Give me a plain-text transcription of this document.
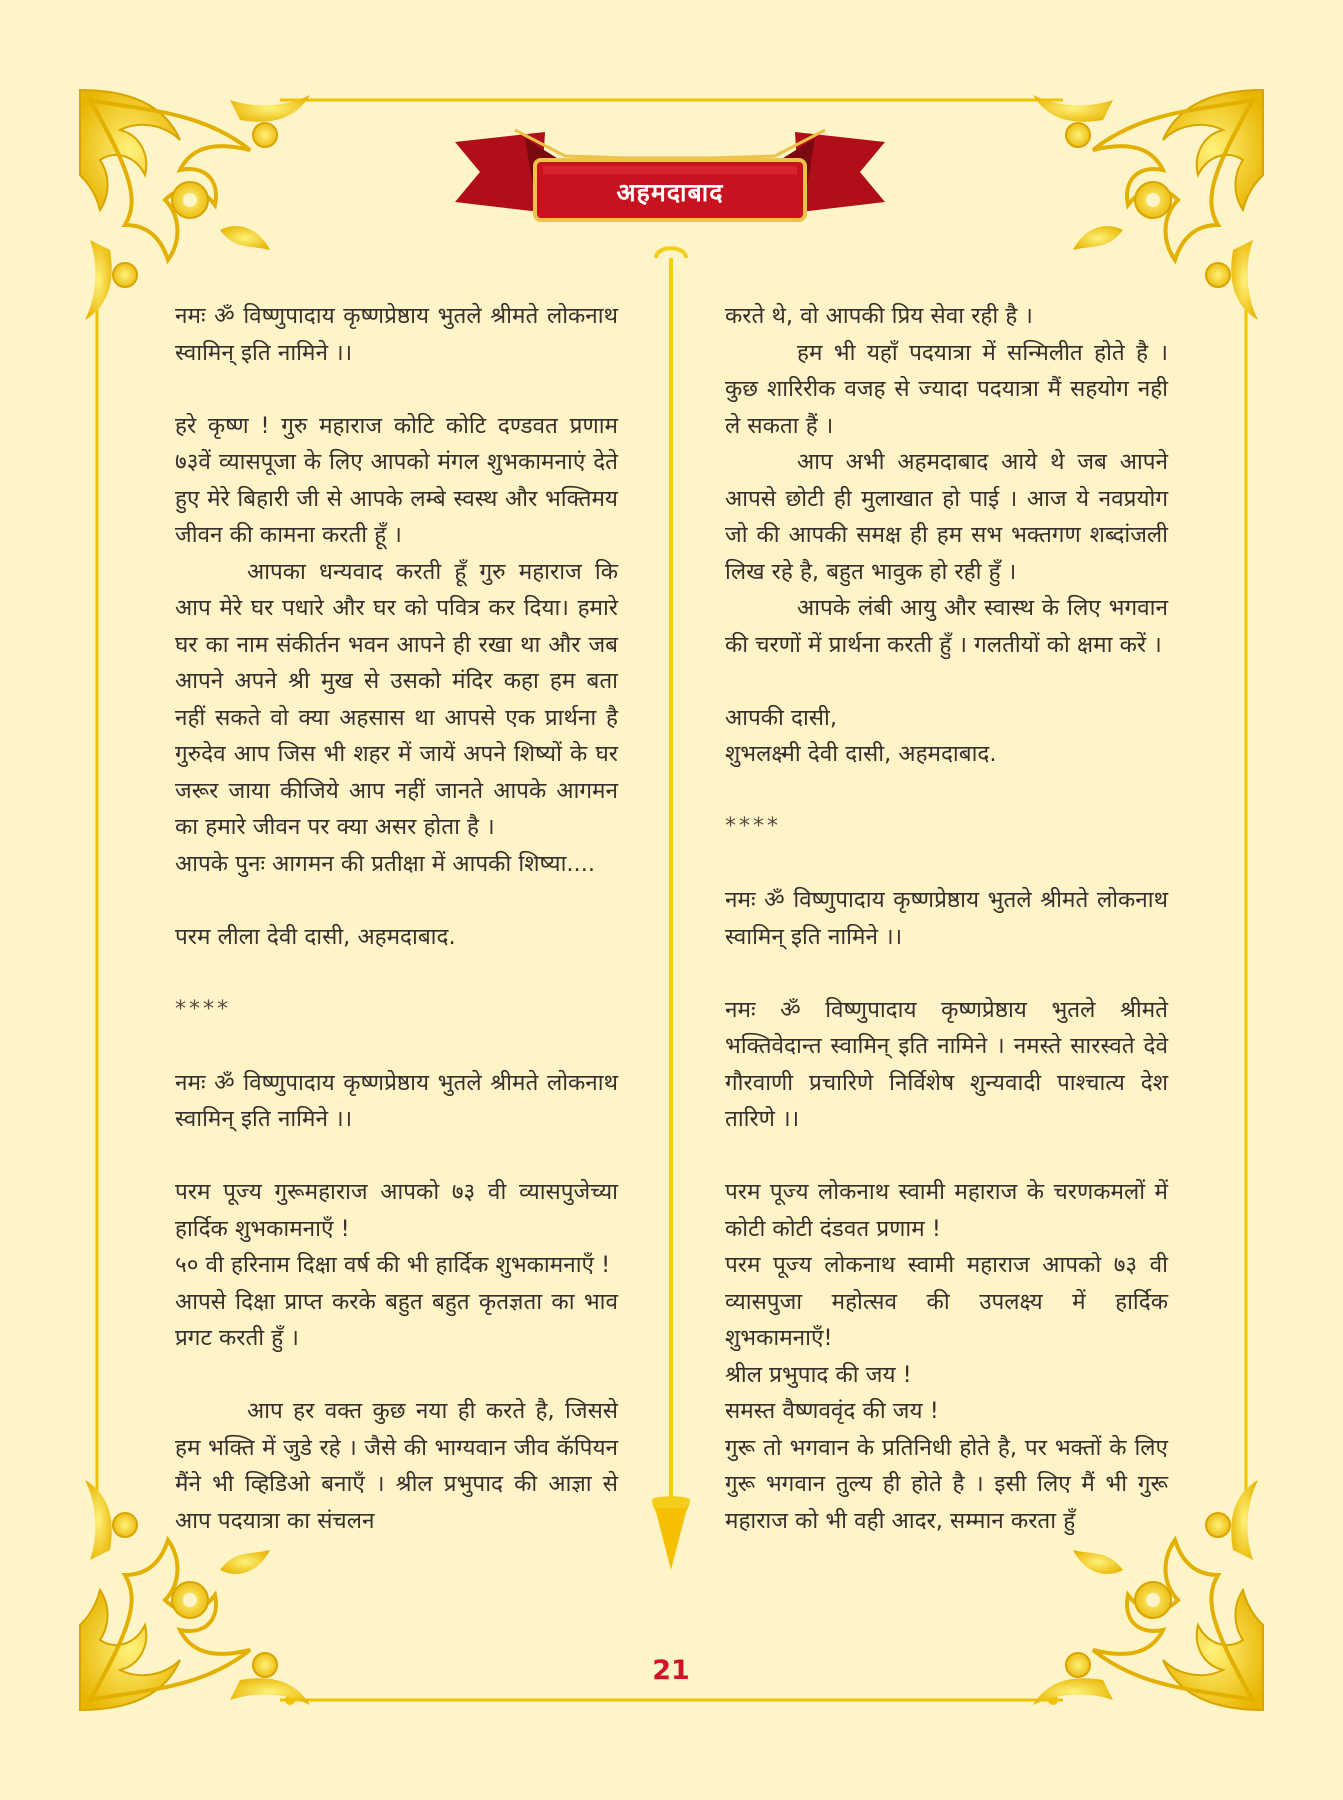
अहमदाबाद

नमः ॐ विष्णुपादाय कृष्णप्रेष्ठाय भुतले श्रीमते लोकनाथ स्वामिन् इति नामिने ।।

हरे कृष्ण ! गुरु महाराज कोटि कोटि दण्डवत प्रणाम ७३वें व्यासपूजा के लिए आपको मंगल शुभकामनाएं देते हुए मेरे बिहारी जी से आपके लम्बे स्वस्थ और भक्तिमय जीवन की कामना करती हूँ ।

आपका धन्यवाद करती हूँ गुरु महाराज कि आप मेरे घर पधारे और घर को पवित्र कर दिया। हमारे घर का नाम संकीर्तन भवन आपने ही रखा था और जब आपने अपने श्री मुख से उसको मंदिर कहा हम बता नहीं सकते वो क्या अहसास था आपसे एक प्रार्थना है गुरुदेव आप जिस भी शहर में जायें अपने शिष्यों के घर जरूर जाया कीजिये आप नहीं जानते आपके आगमन का हमारे जीवन पर क्या असर होता है ।

आपके पुनः आगमन की प्रतीक्षा में आपकी शिष्या....

परम लीला देवी दासी, अहमदाबाद.

****

नमः ॐ विष्णुपादाय कृष्णप्रेष्ठाय भुतले श्रीमते लोकनाथ स्वामिन् इति नामिने ।।

परम पूज्य गुरूमहाराज आपको ७३ वी व्यासपुजेच्या हार्दिक शुभकामनाएँ !

५० वी हरिनाम दिक्षा वर्ष की भी हार्दिक शुभकामनाएँ !

आपसे दिक्षा प्राप्त करके बहुत बहुत कृतज्ञता का भाव प्रगट करती हुँ ।

आप हर वक्त कुछ नया ही करते है, जिससे हम भक्ति में जुडे रहे । जैसे की भाग्यवान जीव कॅपियन मैंने भी व्हिडिओ बनाएँ । श्रील प्रभुपाद की आज्ञा से आप पदयात्रा का संचलन

करते थे, वो आपकी प्रिय सेवा रही है ।

हम भी यहाँ पदयात्रा में सन्मिलीत होते है । कुछ शारिरीक वजह से ज्यादा पदयात्रा मैं सहयोग नही ले सकता हैं ।

आप अभी अहमदाबाद आये थे जब आपने आपसे छोटी ही मुलाखात हो पाई । आज ये नवप्रयोग जो की आपकी समक्ष ही हम सभ भक्तगण शब्दांजली लिख रहे है, बहुत भावुक हो रही हुँ ।

आपके लंबी आयु और स्वास्थ के लिए भगवान की चरणों में प्रार्थना करती हुँ । गलतीयों को क्षमा करें ।

आपकी दासी,

शुभलक्ष्मी देवी दासी, अहमदाबाद.

****

नमः ॐ विष्णुपादाय कृष्णप्रेष्ठाय भुतले श्रीमते लोकनाथ स्वामिन् इति नामिने ।।

नमः ॐ विष्णुपादाय कृष्णप्रेष्ठाय भुतले श्रीमते भक्तिवेदान्त स्वामिन् इति नामिने । नमस्ते सारस्वते देवे गौरवाणी प्रचारिणे निर्विशेष शुन्यवादी पाश्चात्य देश तारिणे ।।

परम पूज्य लोकनाथ स्वामी महाराज के चरणकमलों में कोटी कोटी दंडवत प्रणाम !

परम पूज्य लोकनाथ स्वामी महाराज आपको ७३ वी व्यासपुजा महोत्सव की उपलक्ष्य में हार्दिक शुभकामनाएँ!

श्रील प्रभुपाद की जय !

समस्त वैष्णववृंद की जय !

गुरू तो भगवान के प्रतिनिधी होते है, पर भक्तों के लिए गुरू भगवान तुल्य ही होते है । इसी लिए मैं भी गुरू महाराज को भी वही आदर, सम्मान करता हुँ

21
